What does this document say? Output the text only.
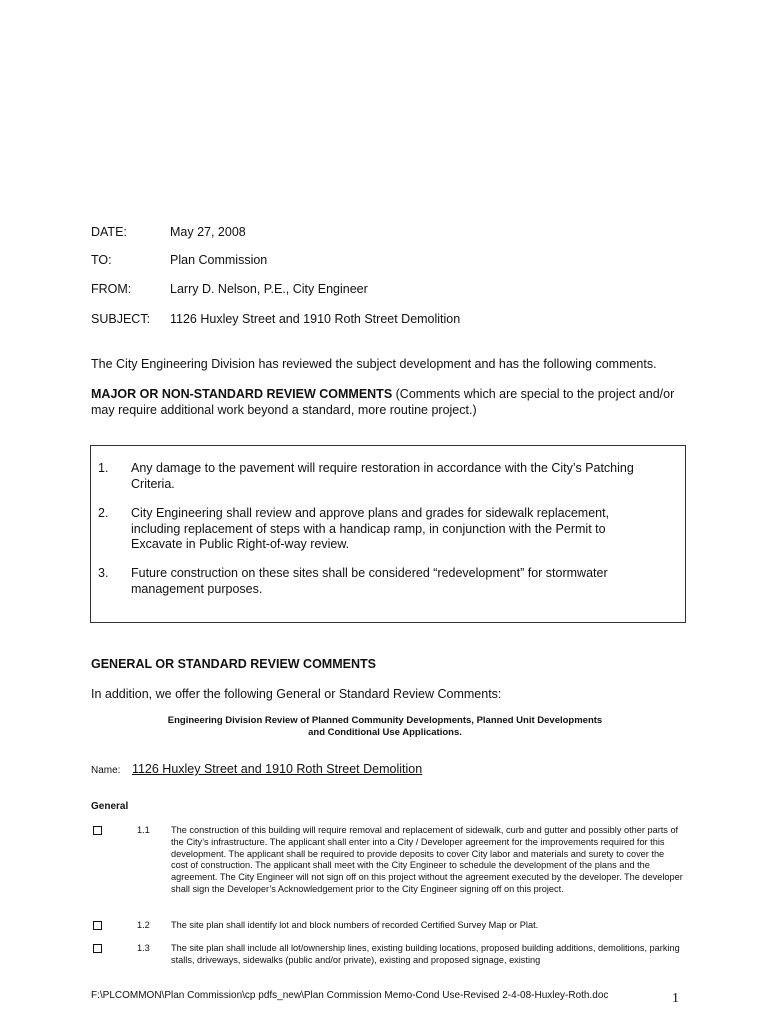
DATE:	May 27, 2008
TO:	Plan Commission
FROM:	Larry D. Nelson, P.E., City Engineer
SUBJECT: 1126 Huxley Street and 1910 Roth Street Demolition
The City Engineering Division has reviewed the subject development and has the following comments.
MAJOR OR NON-STANDARD REVIEW COMMENTS (Comments which are special to the project and/or may require additional work beyond a standard, more routine project.)
1. Any damage to the pavement will require restoration in accordance with the City’s Patching Criteria.
2. City Engineering shall review and approve plans and grades for sidewalk replacement, including replacement of steps with a handicap ramp, in conjunction with the Permit to Excavate in Public Right-of-way review.
3. Future construction on these sites shall be considered “redevelopment” for stormwater management purposes.
GENERAL OR STANDARD REVIEW COMMENTS
In addition, we offer the following General or Standard Review Comments:
Engineering Division Review of Planned Community Developments, Planned Unit Developments
and Conditional Use Applications.
Name: 1126 Huxley Street and 1910 Roth Street Demolition
General
1.1 The construction of this building will require removal and replacement of sidewalk, curb and gutter and possibly other parts of the City’s infrastructure. The applicant shall enter into a City / Developer agreement for the improvements required for this development. The applicant shall be required to provide deposits to cover City labor and materials and surety to cover the cost of construction. The applicant shall meet with the City Engineer to schedule the development of the plans and the agreement. The City Engineer will not sign off on this project without the agreement executed by the developer. The developer shall sign the Developer’s Acknowledgement prior to the City Engineer signing off on this project.
1.2 The site plan shall identify lot and block numbers of recorded Certified Survey Map or Plat.
1.3 The site plan shall include all lot/ownership lines, existing building locations, proposed building additions, demolitions, parking stalls, driveways, sidewalks (public and/or private), existing and proposed signage, existing
F:\PLCOMMON\Plan Commission\cp pdfs_new\Plan Commission Memo-Cond Use-Revised 2-4-08-Huxley-Roth.doc	1
